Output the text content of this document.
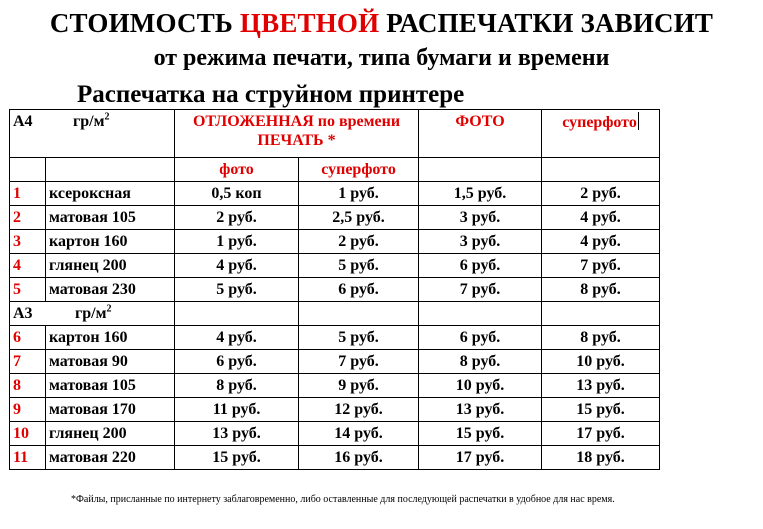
СТОИМОСТЬ ЦВЕТНОЙ РАСПЕЧАТКИ ЗАВИСИТ
от режима печати, типа бумаги и времени
Распечатка на струйном принтере
А4 $гр/м^2$		ОТЛОЖЕННАЯ по времени ПЕЧАТЬ *		ФОТО	суперфото
		фото	суперфото		
1	ксероксная	0,5 коп	1 руб.	1,5 руб.	2 руб.
2	матовая 105	2 руб.	2,5 руб.	3 руб.	4 руб.
3	картон 160	1 руб.	2 руб.	3 руб.	4 руб.
4	глянец 200	4 руб.	5 руб.	6 руб.	7 руб.
5	матовая 230	5 руб.	6 руб.	7 руб.	8 руб.
А3 $гр/м^2$				
6	картон 160	4 руб.	5 руб.	6 руб.	8 руб.
7	матовая 90	6 руб.	7 руб.	8 руб.	10 руб.
8	матовая 105	8 руб.	9 руб.	10 руб.	13 руб.
9	матовая 170	11 руб.	12 руб.	13 руб.	15 руб.
10	глянец 200	13 руб.	14 руб.	15 руб.	17 руб.
11	матовая 220	15 руб.	16 руб.	17 руб.	18 руб.
*Файлы, присланные по интернету заблаговременно, либо оставленные для последующей распечатки в удобное для нас время.
